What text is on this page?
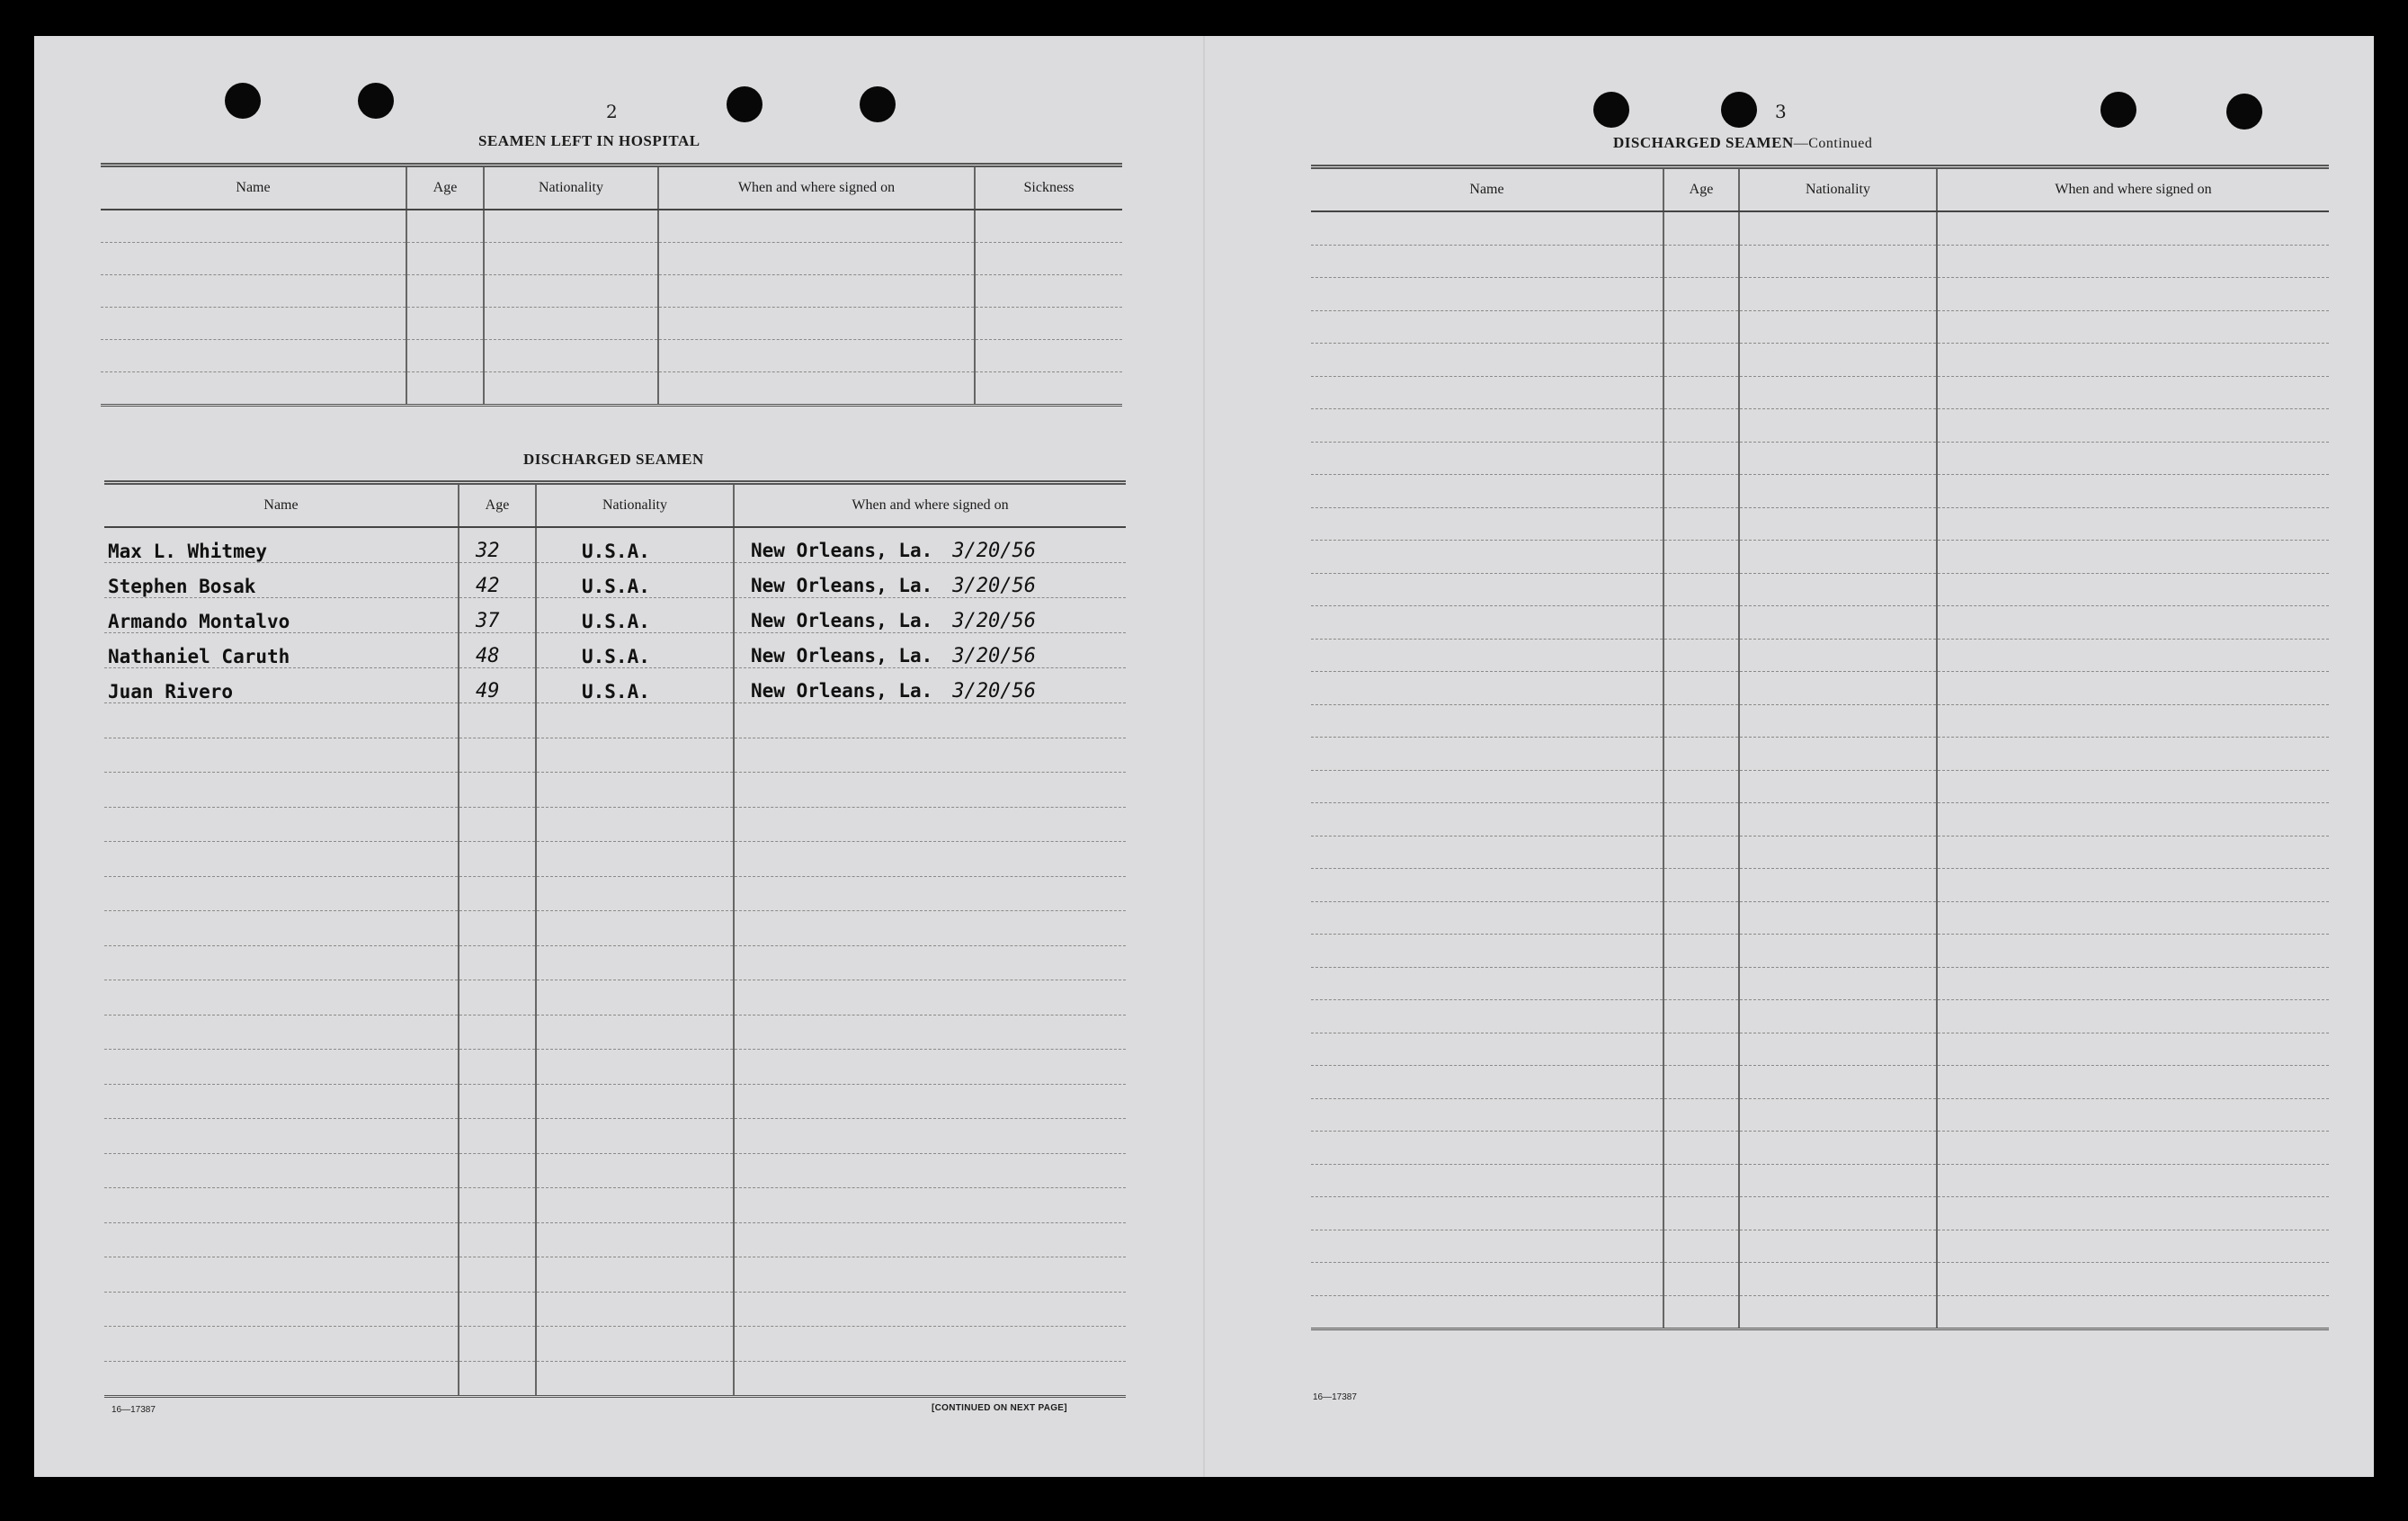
2
SEAMEN LEFT IN HOSPITAL
Name	Age	Nationality	When and where signed on	Sickness

DISCHARGED SEAMEN
Name	Age	Nationality	When and where signed on
Max L. Whitmey	32	U.S.A.	New Orleans, La. 3/20/56
Stephen Bosak	42	U.S.A.	New Orleans, La. 3/20/56
Armando Montalvo	37	U.S.A.	New Orleans, La. 3/20/56
Nathaniel Caruth	48	U.S.A.	New Orleans, La. 3/20/56
Juan Rivero	49	U.S.A.	New Orleans, La. 3/20/56

16—17387	[CONTINUED ON NEXT PAGE]
3
DISCHARGED SEAMEN—Continued
Name	Age	Nationality	When and where signed on

16—17387
